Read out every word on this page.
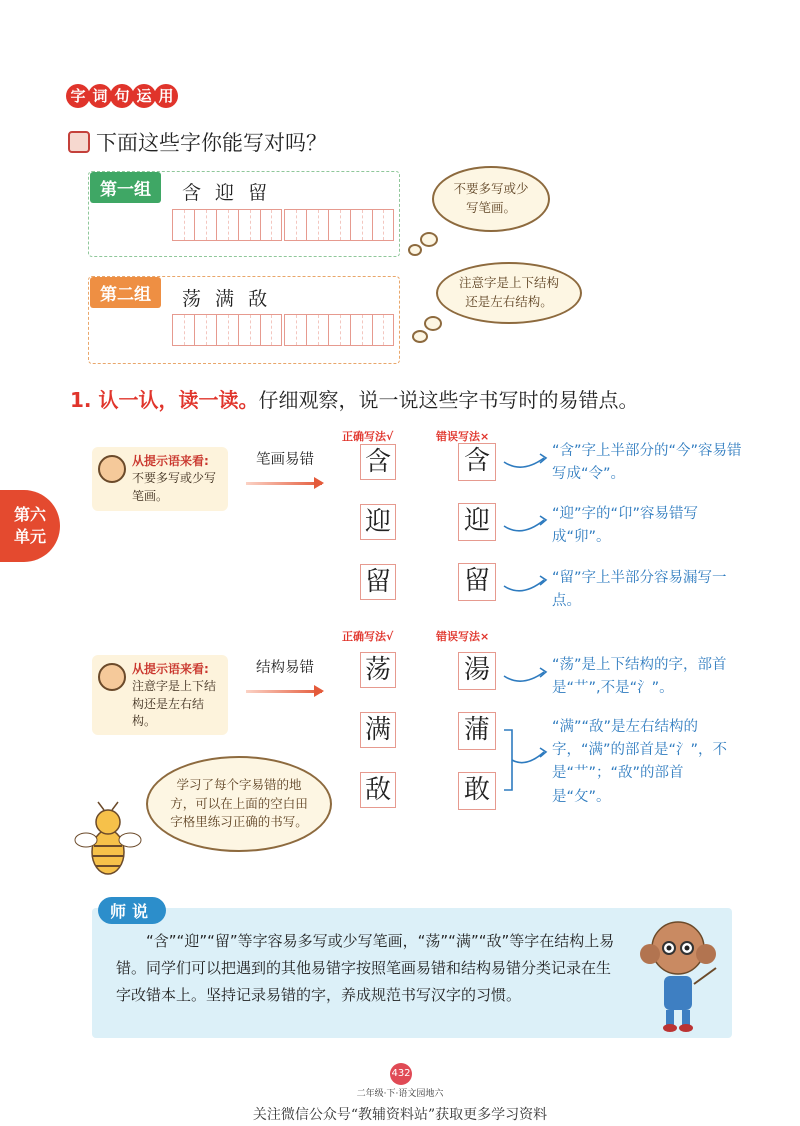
字 词 句 运 用
下面这些字你能写对吗？
第一组	含 迎 留	不要多写或少写笔画。
第二组	荡 满 敌
注意字是上下结构还是左右结构。
1. 认一认，读一读。仔细观察，说一说这些字书写时的易错点。
第六
单元
从提示语来看:
不要多写或少写笔画。
笔画易错
正确写法√	错误写法×
含	含
迎	迎
留	留
“含”字上半部分的“今”容易错写成“令”。
“迎”字的“卬”容易错写成“卯”。
“留”字上半部分容易漏写一点。
从提示语来看:
注意字是上下结构还是左右结构。
结构易错
正确写法√	错误写法×
荡	湯
满	蒲
敌	敢
“荡”是上下结构的字，部首是“艹”,不是“氵”。
“满”“敌”是左右结构的字，“满”的部首是“氵”，不是“艹”；“敌”的部首是“攵”。
学习了每个字易错的地方，可以在上面的空白田字格里练习正确的书写。
师说
“含”“迎”“留”等字容易多写或少写笔画，“荡”“满”“敌”等字在结构上易错。同学们可以把遇到的其他易错字按照笔画易错和结构易错分类记录在生字改错本上。坚持记录易错的字，养成规范书写汉字的习惯。
432
二年级·下·语文园地六
关注微信公众号“教辅资料站”获取更多学习资料
